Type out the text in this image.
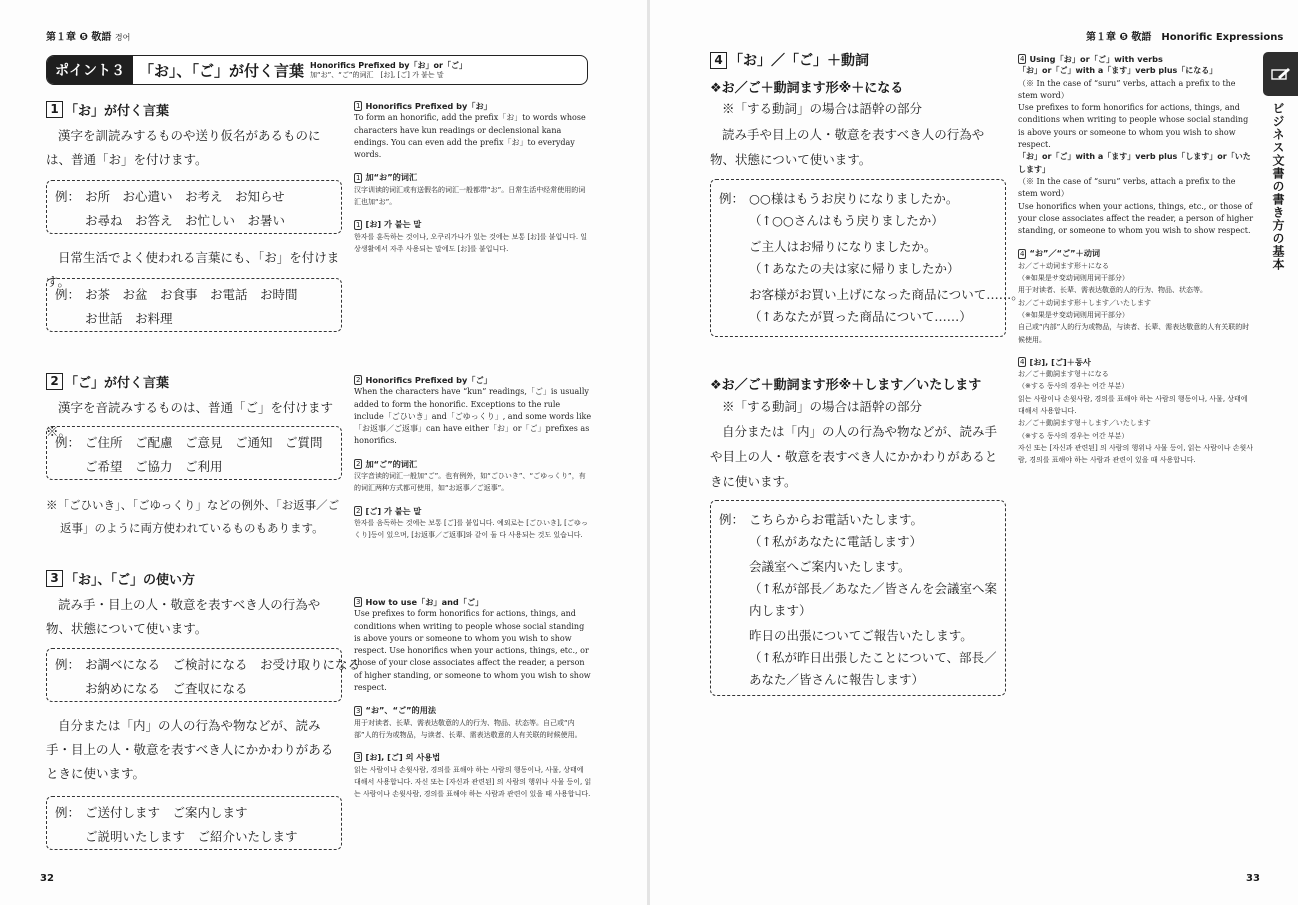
第１章 ❺ 敬語 경어
ポイント３ 「お」、「ご」が付く言葉 Honorifics Prefixed by「お」or「ご」
加“お”、“ご”的词汇　[お], [ご] 가 붙는 말
1 「お」が付く言葉
漢字を訓読みするものや送り仮名があるものには、普通「お」を付けます。
例： お所　お心遣い　お考え　お知らせ
お尋ね　お答え　お忙しい　お暑い
日常生活でよく使われる言葉にも、「お」を付けます。
例： お茶　お盆　お食事　お電話　お時間
お世話　お料理
2 「ご」が付く言葉
漢字を音読みするものは、普通「ご」を付けます※。
例： ご住所　ご配慮　ご意見　ご通知　ご質問
ご希望　ご協力　ご利用
※「ごひいき」、「ごゆっくり」などの例外、「お返事／ご返事」のように両方使われているものもあります。
3 「お」、「ご」の使い方
読み手・目上の人・敬意を表すべき人の行為や物、状態について使います。
例： お調べになる　ご検討になる　お受け取りになる
お納めになる　ご査収になる
自分または「内」の人の行為や物などが、読み手・目上の人・敬意を表すべき人にかかわりがあるときに使います。
例： ご送付します　ご案内します
ご説明いたします　ご紹介いたします
1 Honorifics Prefixed by「お」

To form an honorific, add the prefix「お」to words whose characters have kun readings or declensional kana endings. You can even add the prefix「お」to everyday words.

1 加“お”的词汇

汉字训读的词汇或有送假名的词汇一般都带“お”。日常生活中经常使用的词汇也加“お”。

1 [お] 가 붙는 말

한자를 훈독하는 것이나, 오쿠리가나가 있는 것에는 보통 [お]를 붙입니다. 일상생활에서 자주 사용되는 말에도 [お]를 붙입니다.

2 Honorifics Prefixed by「ご」

When the characters have “kun” readings,「ご」is usually added to form the honorific. Exceptions to the rule include「ごひいき」and「ごゆっくり」, and some words like「お返事／ご返事」can have either「お」or「ご」prefixes as honorifics.

2 加“ご”的词汇

汉字音读的词汇一般加“ご”。也有例外，如“ごひいき”、“ごゆっくり”，有的词汇两种方式都可使用，如“お返事／ご返事”。

2 [ご] 가 붙는 말

한자를 음독하는 것에는 보통 [ご]를 붙입니다. 예외로는 [ごひいき], [ごゆっくり]등이 있으며, [お返事／ご返事]와 같이 둘 다 사용되는 것도 있습니다.

3 How to use「お」and「ご」

Use prefixes to form honorifics for actions, things, and conditions when writing to people whose social standing is above yours or someone to whom you wish to show respect. Use honorifics when your actions, things, etc., or those of your close associates affect the reader, a person of higher standing, or someone to whom you wish to show respect.

3 “お”、“ご”的用法

用于对读者、长辈、需表达敬意的人的行为、物品、状态等。自己或“内部”人的行为或物品，与读者、长辈、需表达敬意的人有关联的时候使用。

3 [お], [ご] 의 사용법

읽는 사람이나 손윗사람, 경의를 표해야 하는 사람의 행동이나, 사물, 상태에 대해서 사용합니다. 자신 또는 [자신과 관련된] 의 사람의 행위나 사물 등이, 읽는 사람이나 손윗사람, 경의를 표해야 하는 사람과 관련이 있을 때 사용합니다.

32
第１章 ❺ 敬語　Honorific Expressions
ビジネス文書の書き方の基本
4 「お」／「ご」＋動詞
❖お／ご＋動詞ます形※＋になる
※「する動詞」の場合は語幹の部分
読み手や目上の人・敬意を表すべき人の行為や物、状態について使います。
例： ○○様はもうお戻りになりましたか。
（↑○○さんはもう戻りましたか）
ご主人はお帰りになりましたか。
（↑あなたの夫は家に帰りましたか）
お客様がお買い上げになった商品について……。
（↑あなたが買った商品について……）
❖お／ご＋動詞ます形※＋します／いたします
※「する動詞」の場合は語幹の部分
自分または「内」の人の行為や物などが、読み手や目上の人・敬意を表すべき人にかかわりがあるときに使います。
例： こちらからお電話いたします。
（↑私があなたに電話します）
会議室へご案内いたします。
（↑私が部長／あなた／皆さんを会議室へ案内します）
昨日の出張についてご報告いたします。
（↑私が昨日出張したことについて、部長／あなた／皆さんに報告します）
4 Using「お」or「ご」with verbs

「お」or「ご」with a「ます」verb plus「になる」

（※ In the case of “suru” verbs, attach a prefix to the stem word）

Use prefixes to form honorifics for actions, things, and conditions when writing to people whose social standing is above yours or someone to whom you wish to show respect.

「お」or「ご」with a「ます」verb plus「します」or「いたします」

（※ In the case of “suru” verbs, attach a prefix to the stem word）

Use honorifics when your actions, things, etc., or those of your close associates affect the reader, a person of higher standing, or someone to whom you wish to show respect.

4 “お”／“ご”＋动词

お／ご＋动词ます形＋になる

（※如果是サ变动词则用词干部分）

用于对读者、长辈、需表达敬意的人的行为、物品、状态等。

お／ご＋动词ます形＋します／いたします

（※如果是サ变动词则用词干部分）

自己或“内部”人的行为或物品，与读者、长辈、需表达敬意的人有关联的时候使用。

4 [お], [ご]＋동사

お／ご＋動詞ます형＋になる

（※する 동사의 경우는 어간 부분）

읽는 사람이나 손윗사람, 경의를 표해야 하는 사람의 행동이나, 사물, 상태에 대해서 사용합니다.

お／ご＋動詞ます형＋します／いたします

（※する 동사의 경우는 어간 부분）

자신 또는 [자신과 관련된] 의 사람의 행위나 사물 등이, 읽는 사람이나 손윗사람, 경의를 표해야 하는 사람과 관련이 있을 때 사용합니다.

33
